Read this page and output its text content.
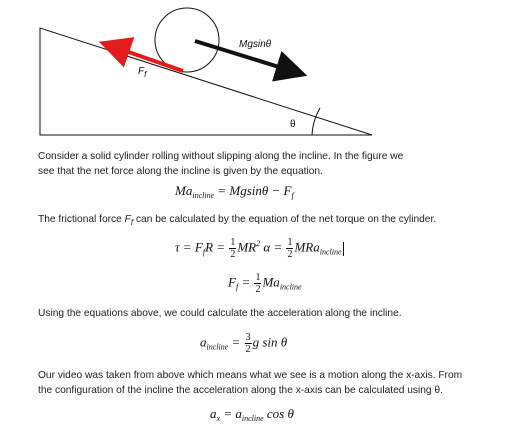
Mgsinθ
$F_f$
θ
Consider a solid cylinder rolling without slipping along the incline. In the figure we see that the net force along the incline is given by the equation.
$Ma_{incline} = Mgsin\theta - F_f$
The frictional force $F_f$ can be calculated by the equation of the net torque on the cylinder.
$\tau = F_fR = \frac{1}{2} MR^2$ $\alpha = \frac{1}{2} MRa_{incline}$
$F_f = \frac{1}{2} Ma_{incline}$
Using the equations above, we could calculate the acceleration along the incline.
$a_{incline} = \frac{3}{2}$ g sin θ
Our video was taken from above which means what we see is a motion along the x-axis. From the configuration of the incline the acceleration along the x-axis can be calculated using θ.
$a_x = a_{incline}$ cos θ
